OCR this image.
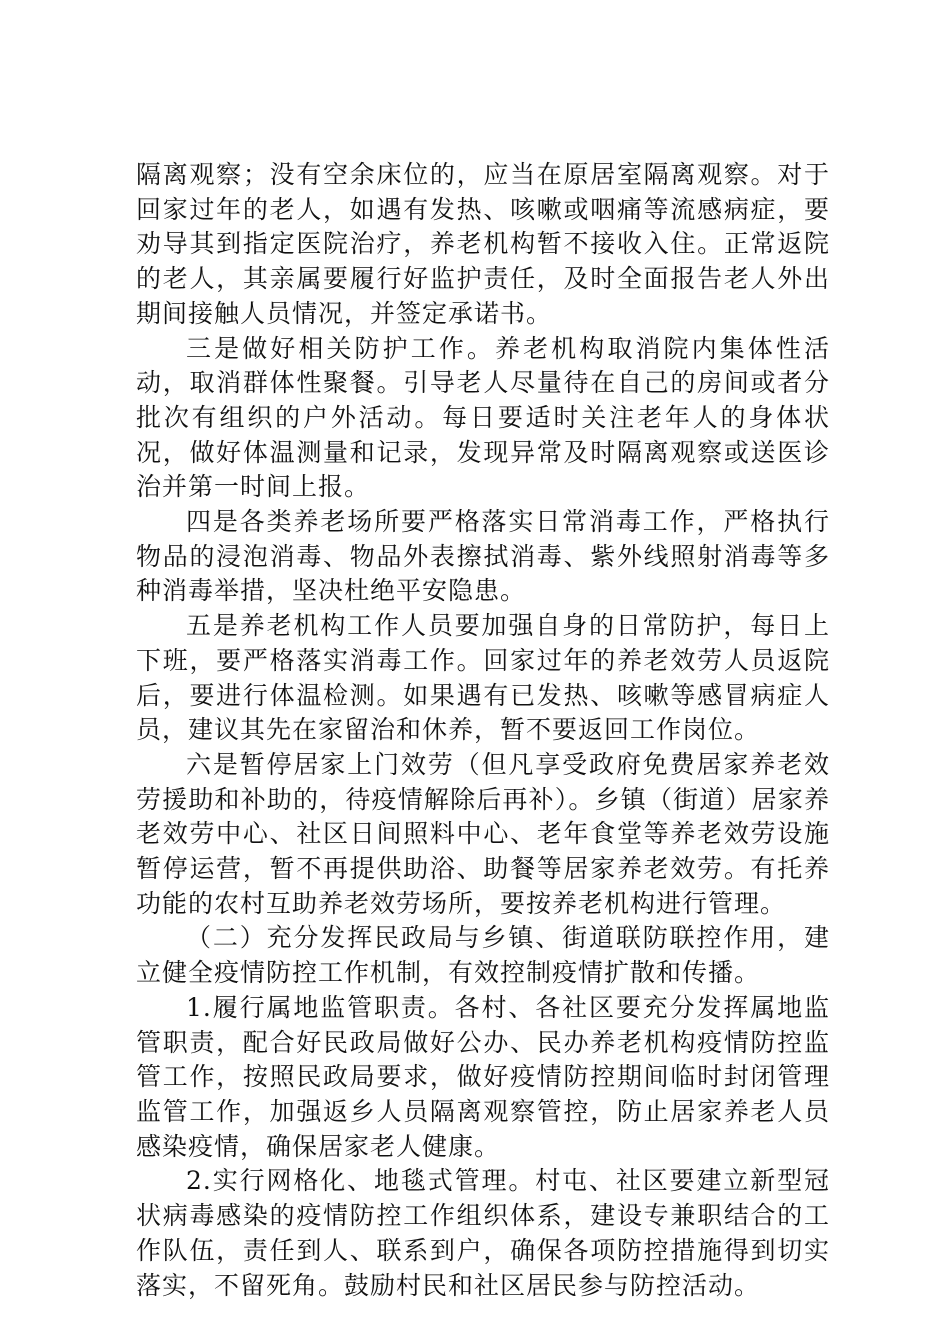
隔离观察；没有空余床位的，应当在原居室隔离观察。对于回家过年的老人，如遇有发热、咳嗽或咽痛等流感病症，要劝导其到指定医院治疗，养老机构暂不接收入住。正常返院的老人，其亲属要履行好监护责任，及时全面报告老人外出期间接触人员情况，并签定承诺书。

三是做好相关防护工作。养老机构取消院内集体性活动，取消群体性聚餐。引导老人尽量待在自己的房间或者分批次有组织的户外活动。每日要适时关注老年人的身体状况，做好体温测量和记录，发现异常及时隔离观察或送医诊治并第一时间上报。

四是各类养老场所要严格落实日常消毒工作，严格执行物品的浸泡消毒、物品外表擦拭消毒、紫外线照射消毒等多种消毒举措，坚决杜绝平安隐患。

五是养老机构工作人员要加强自身的日常防护，每日上下班，要严格落实消毒工作。回家过年的养老效劳人员返院后，要进行体温检测。如果遇有已发热、咳嗽等感冒病症人员，建议其先在家留治和休养，暂不要返回工作岗位。

六是暂停居家上门效劳（但凡享受政府免费居家养老效劳援助和补助的，待疫情解除后再补）。乡镇（街道）居家养老效劳中心、社区日间照料中心、老年食堂等养老效劳设施暂停运营，暂不再提供助浴、助餐等居家养老效劳。有托养功能的农村互助养老效劳场所，要按养老机构进行管理。

（二）充分发挥民政局与乡镇、街道联防联控作用，建立健全疫情防控工作机制，有效控制疫情扩散和传播。

1.履行属地监管职责。各村、各社区要充分发挥属地监管职责，配合好民政局做好公办、民办养老机构疫情防控监管工作，按照民政局要求，做好疫情防控期间临时封闭管理监管工作，加强返乡人员隔离观察管控，防止居家养老人员感染疫情，确保居家老人健康。

2.实行网格化、地毯式管理。村屯、社区要建立新型冠状病毒感染的疫情防控工作组织体系，建设专兼职结合的工作队伍，责任到人、联系到户，确保各项防控措施得到切实落实，不留死角。鼓励村民和社区居民参与防控活动。
